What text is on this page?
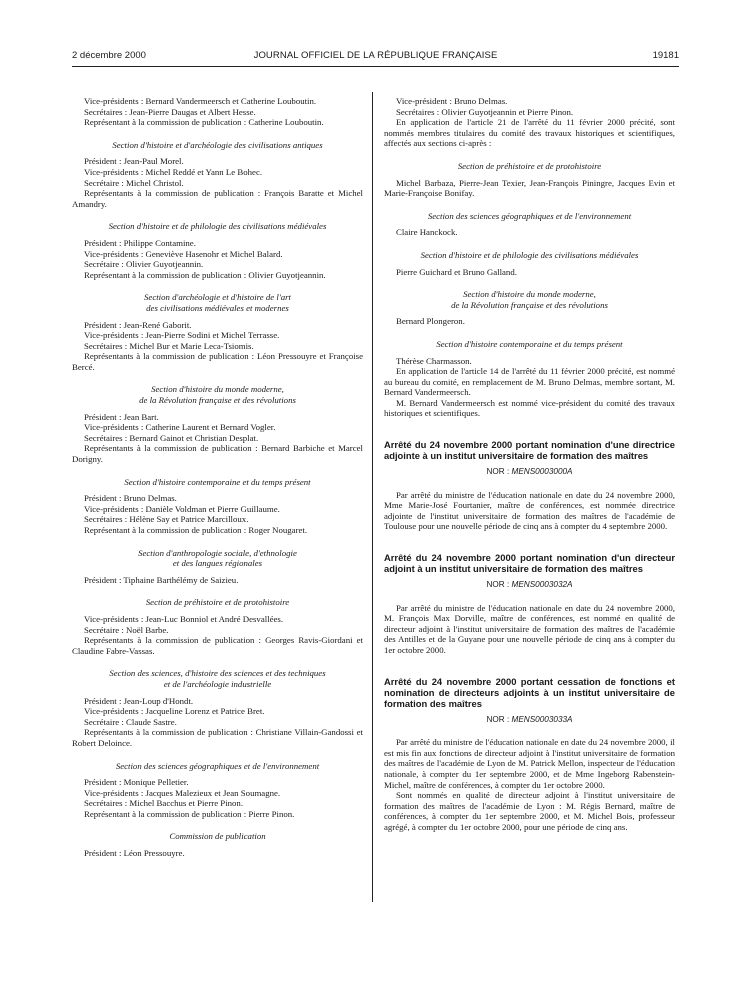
JOURNAL OFFICIEL DE LA RÉPUBLIQUE FRANÇAISE
2 décembre 2000	19181

Vice-présidents : Bernard Vandermeersch et Catherine Louboutin.

Secrétaires : Jean-Pierre Daugas et Albert Hesse.

Représentant à la commission de publication : Catherine Louboutin.

Section d'histoire et d'archéologie des civilisations antiques

Président : Jean-Paul Morel.

Vice-présidents : Michel Reddé et Yann Le Bohec.

Secrétaire : Michel Christol.

Représentants à la commission de publication : François Baratte et Michel Amandry.

Section d'histoire et de philologie des civilisations médiévales

Président : Philippe Contamine.

Vice-présidents : Geneviève Hasenohr et Michel Balard.

Secrétaire : Olivier Guyotjeannin.

Représentant à la commission de publication : Olivier Guyotjeannin.

Section d'archéologie et d'histoire de l'art
des civilisations médiévales et modernes

Président : Jean-René Gaborit.

Vice-présidents : Jean-Pierre Sodini et Michel Terrasse.

Secrétaires : Michel Bur et Marie Leca-Tsiomis.

Représentants à la commission de publication : Léon Pressouyre et Françoise Bercé.

Section d'histoire du monde moderne,
de la Révolution française et des révolutions

Président : Jean Bart.

Vice-présidents : Catherine Laurent et Bernard Vogler.

Secrétaires : Bernard Gainot et Christian Desplat.

Représentants à la commission de publication : Bernard Barbiche et Marcel Dorigny.

Section d'histoire contemporaine et du temps présent

Président : Bruno Delmas.

Vice-présidents : Danièle Voldman et Pierre Guillaume.

Secrétaires : Hélène Say et Patrice Marcilloux.

Représentant à la commission de publication : Roger Nougaret.

Section d'anthropologie sociale, d'ethnologie
et des langues régionales

Président : Tiphaine Barthélémy de Saizieu.

Section de préhistoire et de protohistoire

Vice-présidents : Jean-Luc Bonniol et André Desvallées.

Secrétaire : Noël Barbe.

Représentants à la commission de publication : Georges Ravis-Giordani et Claudine Fabre-Vassas.

Section des sciences, d'histoire des sciences et des techniques
et de l'archéologie industrielle

Président : Jean-Loup d'Hondt.

Vice-présidents : Jacqueline Lorenz et Patrice Bret.

Secrétaire : Claude Sastre.

Représentants à la commission de publication : Christiane Villain-Gandossi et Robert Deloince.

Section des sciences géographiques et de l'environnement

Président : Monique Pelletier.

Vice-présidents : Jacques Malezieux et Jean Soumagne.

Secrétaires : Michel Bacchus et Pierre Pinon.

Représentant à la commission de publication : Pierre Pinon.

Commission de publication

Président : Léon Pressouyre.

Vice-président : Bruno Delmas.

Secrétaires : Olivier Guyotjeannin et Pierre Pinon.

En application de l'article 21 de l'arrêté du 11 février 2000 précité, sont nommés membres titulaires du comité des travaux historiques et scientifiques, affectés aux sections ci-après :

Section de préhistoire et de protohistoire

Michel Barbaza, Pierre-Jean Texier, Jean-François Piningre, Jacques Evin et Marie-Françoise Bonifay.

Section des sciences géographiques et de l'environnement

Claire Hanckock.

Section d'histoire et de philologie des civilisations médiévales

Pierre Guichard et Bruno Galland.

Section d'histoire du monde moderne,
de la Révolution française et des révolutions

Bernard Plongeron.

Section d'histoire contemporaine et du temps présent

Thérèse Charmasson.

En application de l'article 14 de l'arrêté du 11 février 2000 précité, est nommé au bureau du comité, en remplacement de M. Bruno Delmas, membre sortant, M. Bernard Vandermeersch.

M. Bernard Vandermeersch est nommé vice-président du comité des travaux historiques et scientifiques.

Arrêté du 24 novembre 2000 portant nomination d'une directrice adjointe à un institut universitaire de formation des maîtres
NOR : MENS0003000A

Par arrêté du ministre de l'éducation nationale en date du 24 novembre 2000, Mme Marie-José Fourtanier, maître de conférences, est nommée directrice adjointe de l'institut universitaire de formation des maîtres de l'académie de Toulouse pour une nouvelle période de cinq ans à compter du 4 septembre 2000.

Arrêté du 24 novembre 2000 portant nomination d'un directeur adjoint à un institut universitaire de formation des maîtres
NOR : MENS0003032A

Par arrêté du ministre de l'éducation nationale en date du 24 novembre 2000, M. François Max Dorville, maître de conférences, est nommé en qualité de directeur adjoint à l'institut universitaire de formation des maîtres de l'académie des Antilles et de la Guyane pour une nouvelle période de cinq ans à compter du 1er octobre 2000.

Arrêté du 24 novembre 2000 portant cessation de fonctions et nomination de directeurs adjoints à un institut universitaire de formation des maîtres
NOR : MENS0003033A

Par arrêté du ministre de l'éducation nationale en date du 24 novembre 2000, il est mis fin aux fonctions de directeur adjoint à l'institut universitaire de formation des maîtres de l'académie de Lyon de M. Patrick Mellon, inspecteur de l'éducation nationale, à compter du 1er septembre 2000, et de Mme Ingeborg Rabenstein-Michel, maître de conférences, à compter du 1er octobre 2000.

Sont nommés en qualité de directeur adjoint à l'institut universitaire de formation des maîtres de l'académie de Lyon : M. Régis Bernard, maître de conférences, à compter du 1er septembre 2000, et M. Michel Bois, professeur agrégé, à compter du 1er octobre 2000, pour une période de cinq ans.
